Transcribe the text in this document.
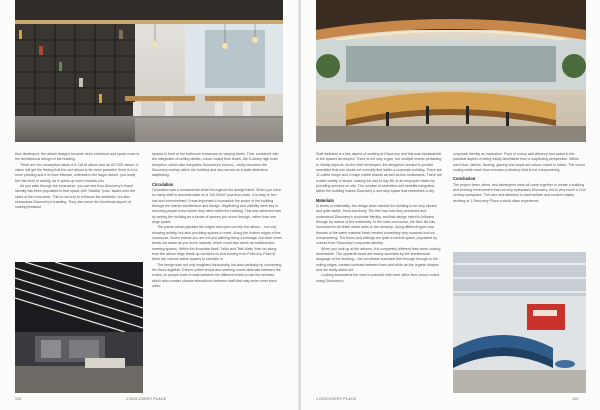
thus developed, the atrium designs became more combined and spoke more to the architectural design of the building.

There are two conceptual ideas of a CALM atrium and an ACTIVE atrium. A visitor will get the feeling that the one atrium is far more peaceful; there is a lot more planting and it is more intimate, whereas in the larger atrium, you really feel the level of activity, as it opens up more towards you.

As you walk through the concourse, you can see how Discovery's brand identity has been populated in that space with 'Siavika' 'podz' added onto the sides of the concourse. This is not only to enhance the aesthetic, but also showcases Discovery's branding. They also serve the functional aspect of making breakout

spaces in front of the bathroom entrances on varying levels. That, combined with the integration of ceiling details, colour coded floor levels, the 6-storey high main reception, which also integrates Discovery's colours – really becomes the Discovery overlay within the building and also serves as a quite distinctive wayfinding.

Circulation

Circulation was a fundamental driver throughout the design intent. When you have so many staff to accommodate on a 100,000m² plus floor plate, it is easy to feel lost and overwhelmed. It was important to humanise the scope of the building through the interior architecture and design. Wayfinding and visibility were key to ensuring people knew where they were within the building. This was achieved was by seeing the building as a series of spaces you move through, rather than one large space.

The pause areas populate the edges and open out into the atrium – not only showing activity, but also providing spaces to meet. Along the bottom edges of the concourse, boxes ensure you are not just walking along a passage, but have some break-out areas as you move inwards, which could also serve as multifunction meeting spaces. Within the floorplate itself, 'Work and Talk Walls' that run along from the atrium edge break up corridors so that moving from Point A to Point B there are various active spaces to circulate in.

The design was not only imagined horizontally, but also vertically by connecting the floors together. Eleven coffee shops and meeting rooms alternate between the zones, so people have to walk between the different levels to use the services, which also creates chance interactions between staff that may never meet each other.

108	1 DISCOVERY PLACE

Staff wellness is a key aspect of working at Discovery and this was fundamental to the spaces developed. There is not only a gym, but multiple events pertaining to Vitality aspects. As the brief developed, the designers needed to provide amenities that one would not normally find within a corporate building. There are 11 coffee shops and 4 major coffee brands as well as two restaurants. There are a wide variety of shops, making the day to day life of an employee easier by providing services on site. The number of amenities and benefits integrated within the building makes Discovery a one-stop space that resembles a city.

Materials

In terms of materiality, the design team wanted the building to be very vibrant and quite tactile, fresh and lively. The feel has how they perceived and understood Discovery's corporate identity, and that design intent is followed through by means of the materiality. In the main concourse, the floor tile has movement in its finish which adds to the vibrancy. Using different types and formats of the same material finish created something very nuanced but not overpowering. The floors and ceilings are quite a neutral space, populated by colours from Discovery's corporate identity.

When you look up at the atriums, it is completely different than when looking downwards. The upwards views are mainly accented by the architectural language of the building – the curvilinear soundest tied through through to the ceiling edges, created contrast between lines and white as the organic shapes and the really stand out.

Looking downwards the view is colourful with each office floor colour coded, using Discovery's

corporate identity as inspiration. Pops of colour add vibrancy and assist in the practical aspect of being easily identifiable from a wayfinding perspective. Within each floor, fabrics, flooring, glazing and vinyls are colour coded to match. The colour coding within each floor ensures a vibrancy that is not overpowering.

Conclusion

The project team, client, and developers have all come together to create a building and working environment that not only epitomises Discovery, but is very much a 21st century workplace. The care and attention to staff welfare and comfort makes working at 1 Discovery Place a world class experience.

1 DISCOVERY PLACE	109
